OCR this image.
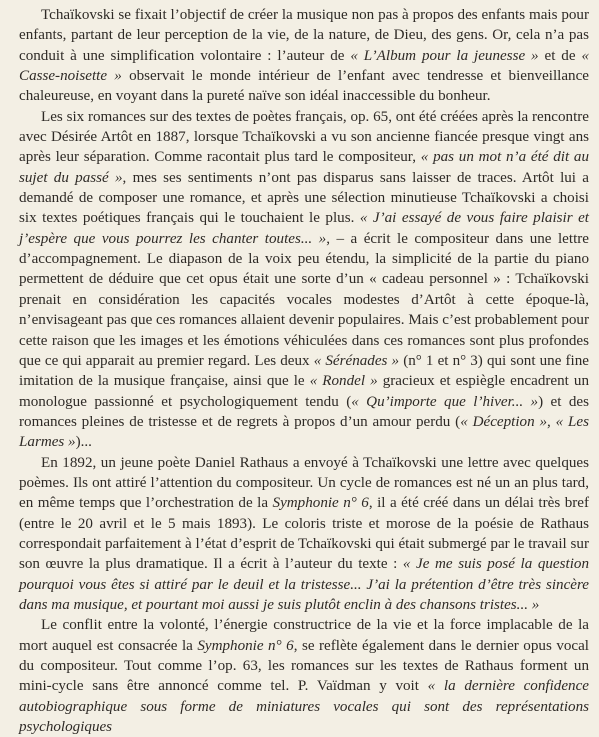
Tchaïkovski se fixait l’objectif de créer la musique non pas à propos des enfants mais pour enfants, partant de leur perception de la vie, de la nature, de Dieu, des gens. Or, cela n’a pas conduit à une simplification volontaire : l’auteur de « L’Album pour la jeunesse » et de « Casse-noisette » observait le monde intérieur de l’enfant avec tendresse et bienveillance chaleureuse, en voyant dans la pureté naïve son idéal inaccessible du bonheur.

Les six romances sur des textes de poètes français, op. 65, ont été créées après la rencontre avec Désirée Artôt en 1887, lorsque Tchaïkovski a vu son ancienne fiancée presque vingt ans après leur séparation. Comme racontait plus tard le compositeur, « pas un mot n’a été dit au sujet du passé », mes ses sentiments n’ont pas disparus sans laisser de traces. Artôt lui a demandé de composer une romance, et après une sélection minutieuse Tchaïkovski a choisi six textes poétiques français qui le touchaient le plus. « J’ai essayé de vous faire plaisir et j’espère que vous pourrez les chanter toutes... », – a écrit le compositeur dans une lettre d’accompagnement. Le diapason de la voix peu étendu, la simplicité de la partie du piano permettent de déduire que cet opus était une sorte d’un « cadeau personnel » : Tchaïkovski prenait en considération les capacités vocales modestes d’Artôt à cette époque-là, n’envisageant pas que ces romances allaient devenir populaires. Mais c’est probablement pour cette raison que les images et les émotions véhiculées dans ces romances sont plus profondes que ce qui apparait au premier regard. Les deux « Sérénades » (n° 1 et n° 3) qui sont une fine imitation de la musique française, ainsi que le « Rondel » gracieux et espiègle encadrent un monologue passionné et psychologiquement tendu (« Qu’importe que l’hiver... ») et des romances pleines de tristesse et de regrets à propos d’un amour perdu (« Déception », « Les Larmes »)...

En 1892, un jeune poète Daniel Rathaus a envoyé à Tchaïkovski une lettre avec quelques poèmes. Ils ont attiré l’attention du compositeur. Un cycle de romances est né un an plus tard, en même temps que l’orchestration de la Symphonie n° 6, il a été créé dans un délai très bref (entre le 20 avril et le 5 mais 1893). Le coloris triste et morose de la poésie de Rathaus correspondait parfaitement à l’état d’esprit de Tchaïkovski qui était submergé par le travail sur son œuvre la plus dramatique. Il a écrit à l’auteur du texte : « Je me suis posé la question pourquoi vous êtes si attiré par le deuil et la tristesse... J’ai la prétention d’être très sincère dans ma musique, et pourtant moi aussi je suis plutôt enclin à des chansons tristes... »

Le conflit entre la volonté, l’énergie constructrice de la vie et la force implacable de la mort auquel est consacrée la Symphonie n° 6, se reflète également dans le dernier opus vocal du compositeur. Tout comme l’op. 63, les romances sur les textes de Rathaus forment un mini-cycle sans être annoncé comme tel. P. Vaïdman y voit « la dernière confidence autobiographique sous forme de miniatures vocales qui sont des représentations psychologiques
